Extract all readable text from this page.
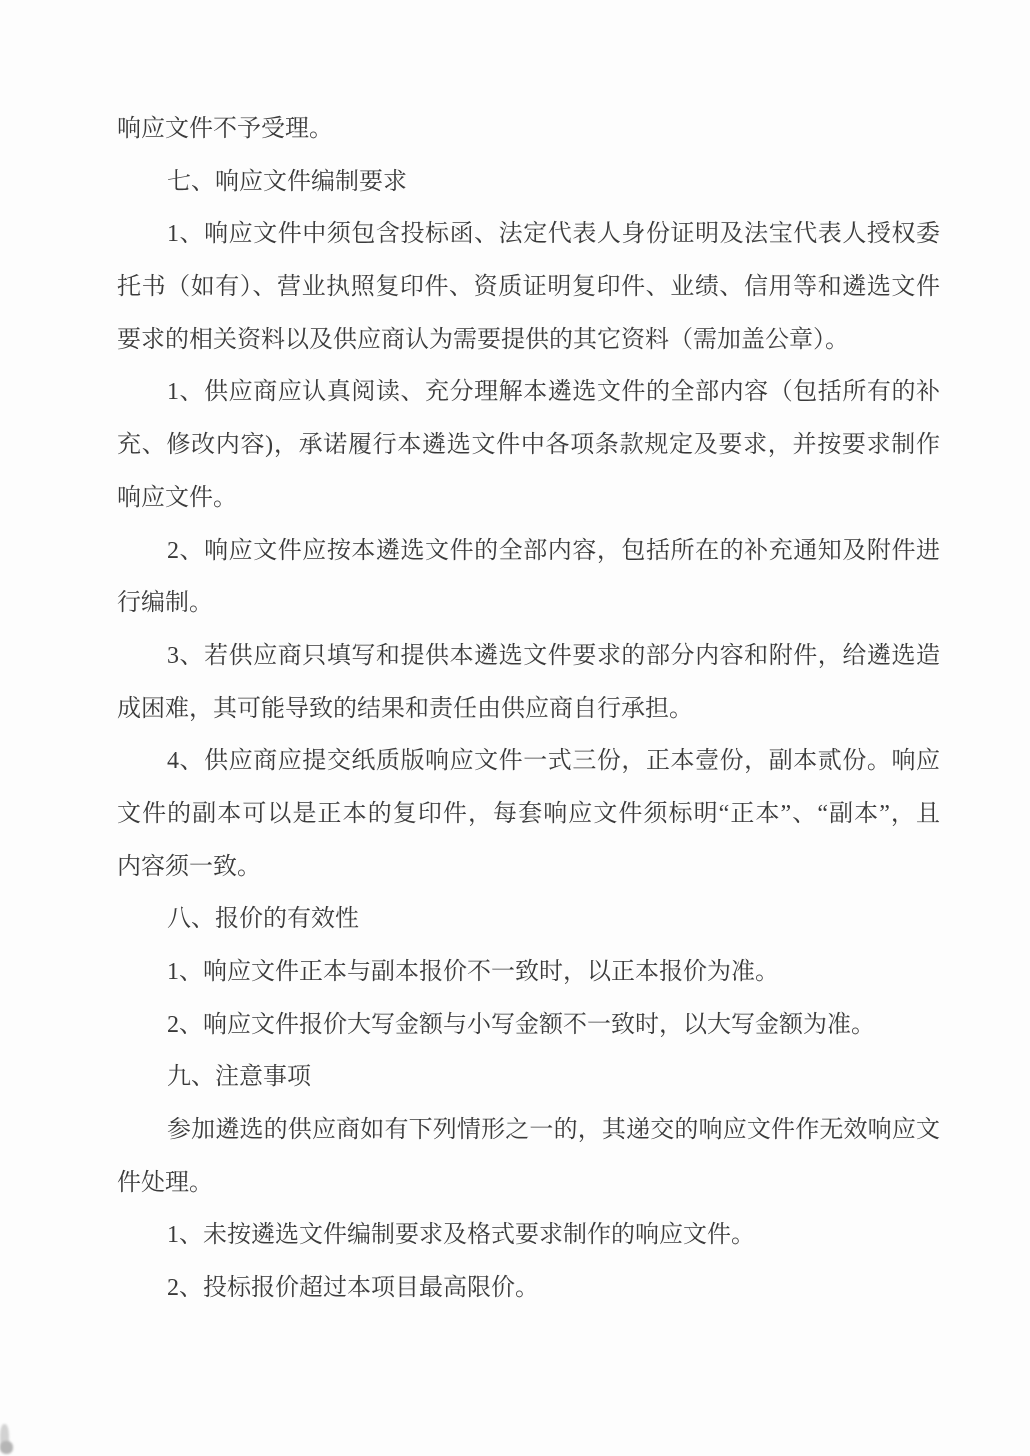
响应文件不予受理。
七、响应文件编制要求
1、响应文件中须包含投标函、法定代表人身份证明及法宝代表人授权委
托书（如有）、营业执照复印件、资质证明复印件、业绩、信用等和遴选文件
要求的相关资料以及供应商认为需要提供的其它资料（需加盖公章）。
1、供应商应认真阅读、充分理解本遴选文件的全部内容（包括所有的补
充、修改内容)，承诺履行本遴选文件中各项条款规定及要求，并按要求制作
响应文件。
2、响应文件应按本遴选文件的全部内容，包括所在的补充通知及附件进
行编制。
3、若供应商只填写和提供本遴选文件要求的部分内容和附件，给遴选造
成困难，其可能导致的结果和责任由供应商自行承担。
4、供应商应提交纸质版响应文件一式三份，正本壹份，副本贰份。响应
文件的副本可以是正本的复印件，每套响应文件须标明“正本”、“副本”，且
内容须一致。
八、报价的有效性
1、响应文件正本与副本报价不一致时，以正本报价为准。
2、响应文件报价大写金额与小写金额不一致时，以大写金额为准。
九、注意事项
参加遴选的供应商如有下列情形之一的，其递交的响应文件作无效响应文
件处理。
1、未按遴选文件编制要求及格式要求制作的响应文件。
2、投标报价超过本项目最高限价。
